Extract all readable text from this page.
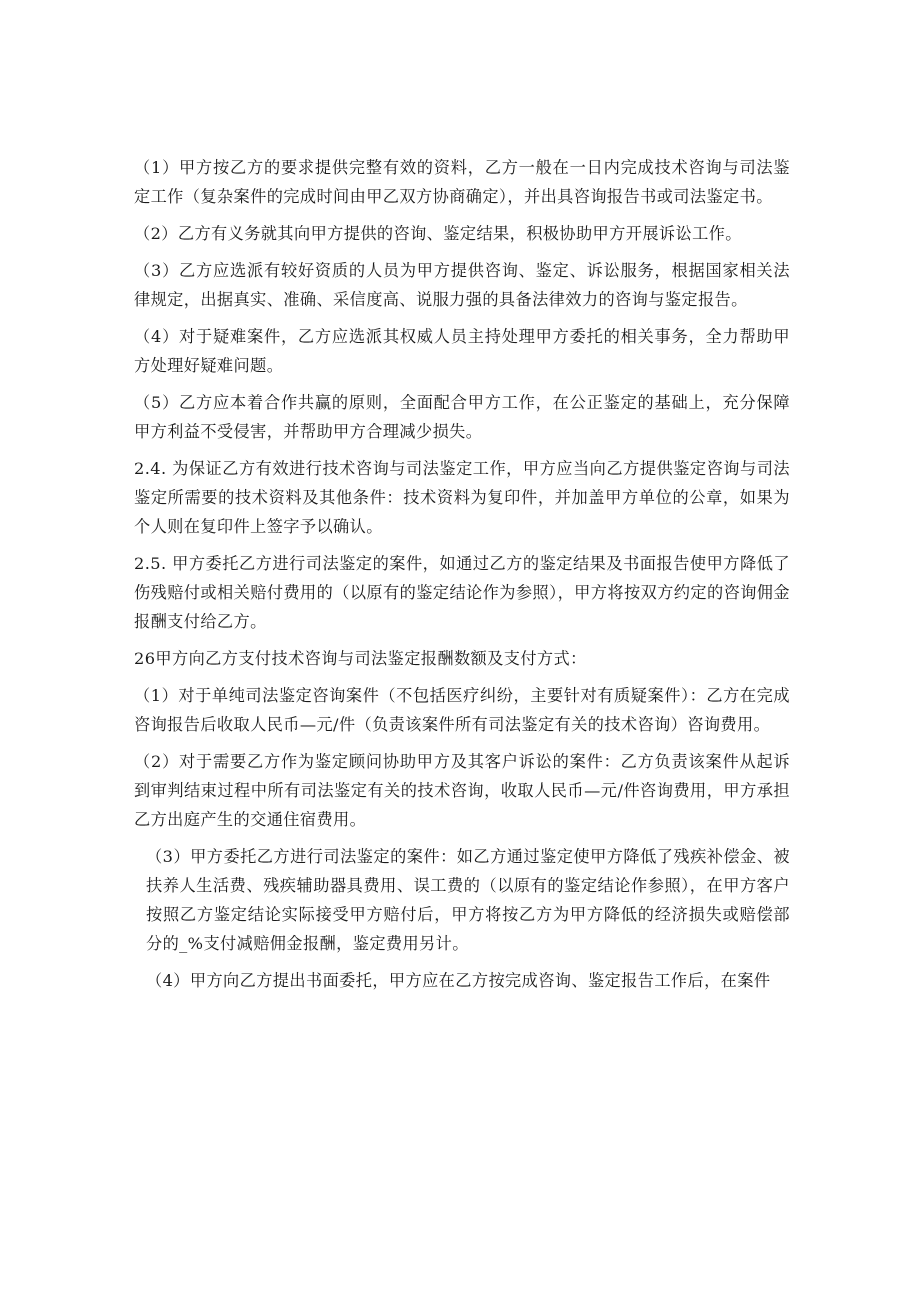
（1）甲方按乙方的要求提供完整有效的资料，乙方一般在一日内完成技术咨询与司法鉴定工作（复杂案件的完成时间由甲乙双方协商确定），并出具咨询报告书或司法鉴定书。

（2）乙方有义务就其向甲方提供的咨询、鉴定结果，积极协助甲方开展诉讼工作。

（3）乙方应选派有较好资质的人员为甲方提供咨询、鉴定、诉讼服务，根据国家相关法律规定，出据真实、准确、采信度高、说服力强的具备法律效力的咨询与鉴定报告。

（4）对于疑难案件，乙方应选派其权威人员主持处理甲方委托的相关事务，全力帮助甲方处理好疑难问题。

（5）乙方应本着合作共赢的原则，全面配合甲方工作，在公正鉴定的基础上，充分保障甲方利益不受侵害，并帮助甲方合理减少损失。

2.4. 为保证乙方有效进行技术咨询与司法鉴定工作，甲方应当向乙方提供鉴定咨询与司法鉴定所需要的技术资料及其他条件：技术资料为复印件，并加盖甲方单位的公章，如果为个人则在复印件上签字予以确认。

2.5. 甲方委托乙方进行司法鉴定的案件，如通过乙方的鉴定结果及书面报告使甲方降低了伤残赔付或相关赔付费用的（以原有的鉴定结论作为参照），甲方将按双方约定的咨询佣金报酬支付给乙方。

26甲方向乙方支付技术咨询与司法鉴定报酬数额及支付方式：

（1）对于单纯司法鉴定咨询案件（不包括医疗纠纷，主要针对有质疑案件）：乙方在完成咨询报告后收取人民币—元/件（负责该案件所有司法鉴定有关的技术咨询）咨询费用。

（2）对于需要乙方作为鉴定顾问协助甲方及其客户诉讼的案件：乙方负责该案件从起诉到审判结束过程中所有司法鉴定有关的技术咨询，收取人民币—元/件咨询费用，甲方承担乙方出庭产生的交通住宿费用。

（3）甲方委托乙方进行司法鉴定的案件：如乙方通过鉴定使甲方降低了残疾补偿金、被扶养人生活费、残疾辅助器具费用、误工费的（以原有的鉴定结论作参照），在甲方客户按照乙方鉴定结论实际接受甲方赔付后，甲方将按乙方为甲方降低的经济损失或赔偿部分的_%支付减赔佣金报酬，鉴定费用另计。

（4）甲方向乙方提出书面委托，甲方应在乙方按完成咨询、鉴定报告工作后，在案件
